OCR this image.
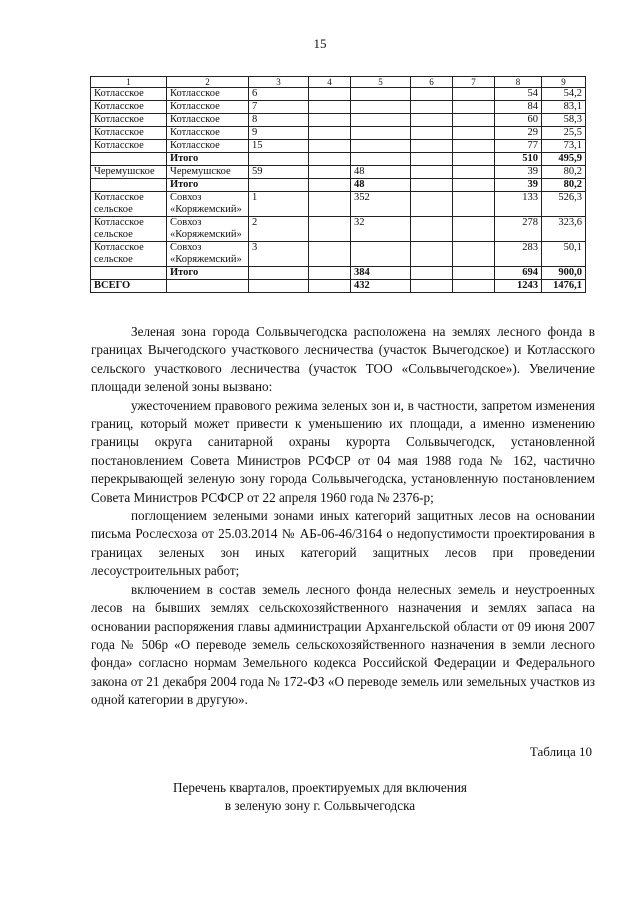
15
1	2	3	4	5	6	7	8	9
Котласское	Котласское	6					54	54,2
Котласское	Котласское	7					84	83,1
Котласское	Котласское	8					60	58,3
Котласское	Котласское	9					29	25,5
Котласское	Котласское	15					77	73,1
	Итого						510	495,9
Черемушское	Черемушское	59		48			39	80,2
	Итого			48			39	80,2
Котласское сельское	Совхоз «Коряжемский»	1		352			133	526,3
Котласское сельское	Совхоз «Коряжемский»	2		32			278	323,6
Котласское сельское	Совхоз «Коряжемский»	3					283	50,1
	Итого			384			694	900,0
ВСЕГО				432			1243	1476,1

Зеленая зона города Сольвычегодска расположена на землях лесного фонда в границах Вычегодского участкового лесничества (участок Вычегодское) и Котласского сельского участкового лесничества (участок ТОО «Сольвычегодское»). Увеличение площади зеленой зоны вызвано:

ужесточением правового режима зеленых зон и, в частности, запретом изменения границ, который может привести к уменьшению их площади, а именно изменению границы округа санитарной охраны курорта Сольвычегодск, установленной постановлением Совета Министров РСФСР от 04 мая 1988 года № 162, частично перекрывающей зеленую зону города Сольвычегодска, установленную постановлением Совета Министров РСФСР от 22 апреля 1960 года № 2376-р;

поглощением зелеными зонами иных категорий защитных лесов на основании письма Рослесхоза от 25.03.2014 № АБ-06-46/3164 о недопустимости проектирования в границах зеленых зон иных категорий защитных лесов при проведении лесоустроительных работ;

включением в состав земель лесного фонда нелесных земель и неустроенных лесов на бывших землях сельскохозяйственного назначения и землях запаса на основании распоряжения главы администрации Архангельской области от 09 июня 2007 года № 506р «О переводе земель сельскохозяйственного назначения в земли лесного фонда» согласно нормам Земельного кодекса Российской Федерации и Федерального закона от 21 декабря 2004 года № 172-ФЗ «О переводе земель или земельных участков из одной категории в другую».

Таблица 10
Перечень кварталов, проектируемых для включения
в зеленую зону г. Сольвычегодска
